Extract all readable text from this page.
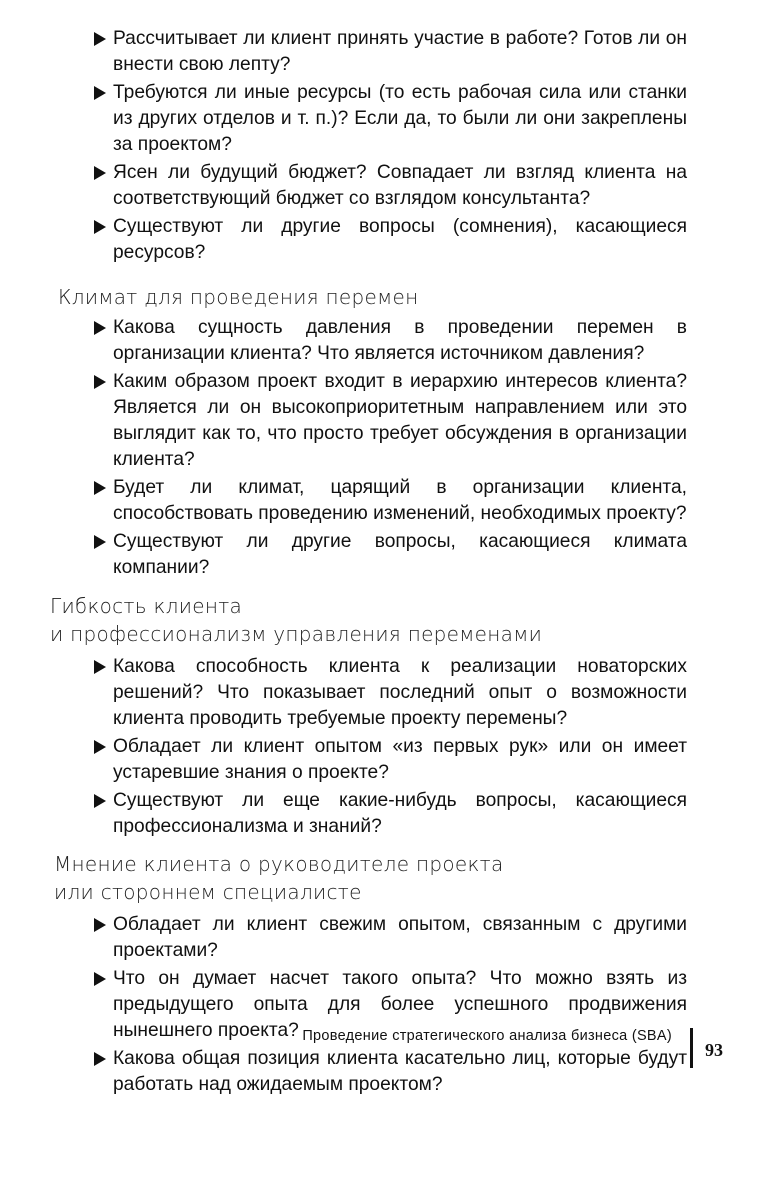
Рассчитывает ли клиент принять участие в работе? Готов ли он внести свою лепту?
Требуются ли иные ресурсы (то есть рабочая сила или станки из других отделов и т. п.)? Если да, то были ли они закреплены за проектом?
Ясен ли будущий бюджет? Совпадает ли взгляд клиента на соответствующий бюджет со взглядом консультанта?
Существуют ли другие вопросы (сомнения), касающиеся ресурсов?
Климат для проведения перемен
Какова сущность давления в проведении перемен в организации клиента? Что является источником давления?
Каким образом проект входит в иерархию интересов клиента? Является ли он высокоприоритетным направлением или это выглядит как то, что просто требует обсуждения в организации клиента?
Будет ли климат, царящий в организации клиента, способствовать проведению изменений, необходимых проекту?
Существуют ли другие вопросы, касающиеся климата компании?
Гибкость клиента
и профессионализм управления переменами
Какова способность клиента к реализации новаторских решений? Что показывает последний опыт о возможности клиента проводить требуемые проекту перемены?
Обладает ли клиент опытом «из первых рук» или он имеет устаревшие знания о проекте?
Существуют ли еще какие-нибудь вопросы, касающиеся профессионализма и знаний?
Мнение клиента о руководителе проекта
или стороннем специалисте
Обладает ли клиент свежим опытом, связанным с другими проектами?
Что он думает насчет такого опыта? Что можно взять из предыдущего опыта для более успешного продвижения нынешнего проекта?
Какова общая позиция клиента касательно лиц, которые будут работать над ожидаемым проектом?
Проведение стратегического анализа бизнеса (SBA)
93
